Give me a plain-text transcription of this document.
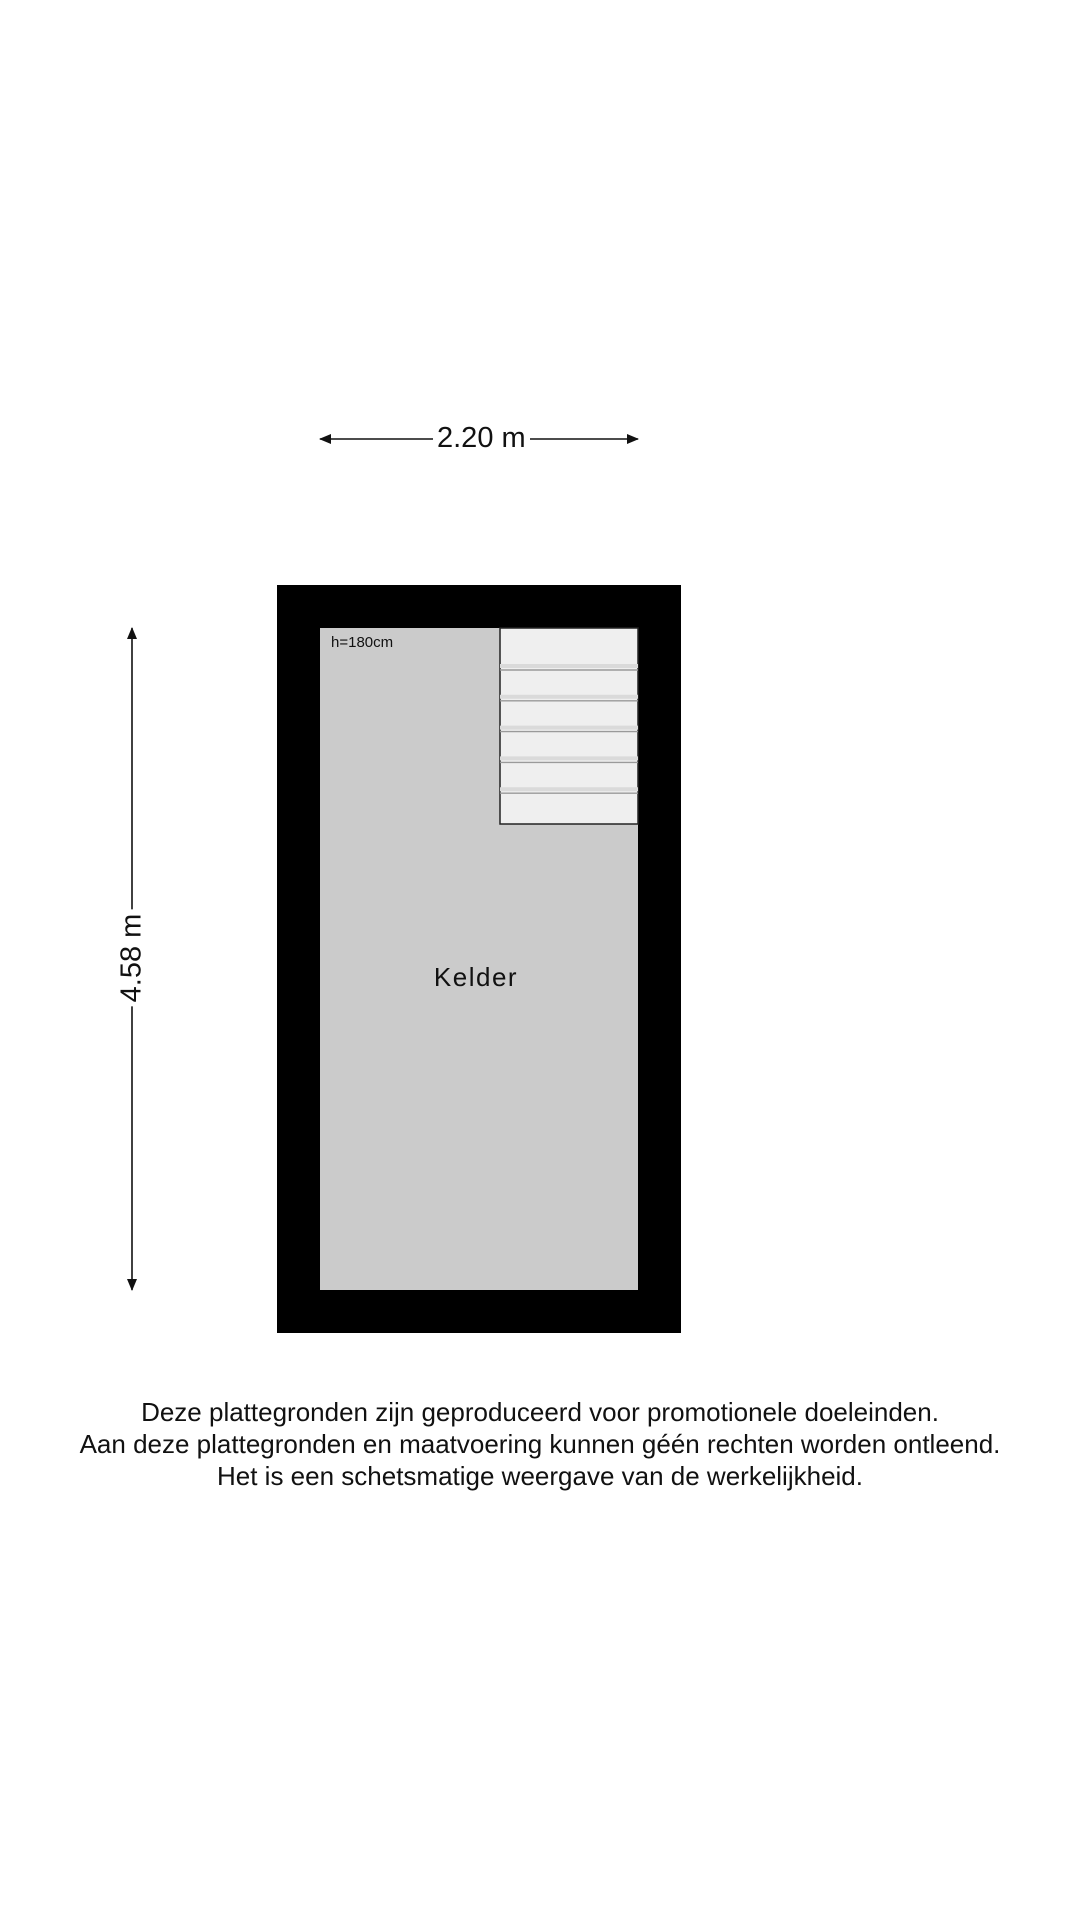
2.20 m
4.58 m
h=180cm
Kelder
Deze plattegronden zijn geproduceerd voor promotionele doeleinden.
Aan deze plattegronden en maatvoering kunnen géén rechten worden ontleend.
Het is een schetsmatige weergave van de werkelijkheid.
